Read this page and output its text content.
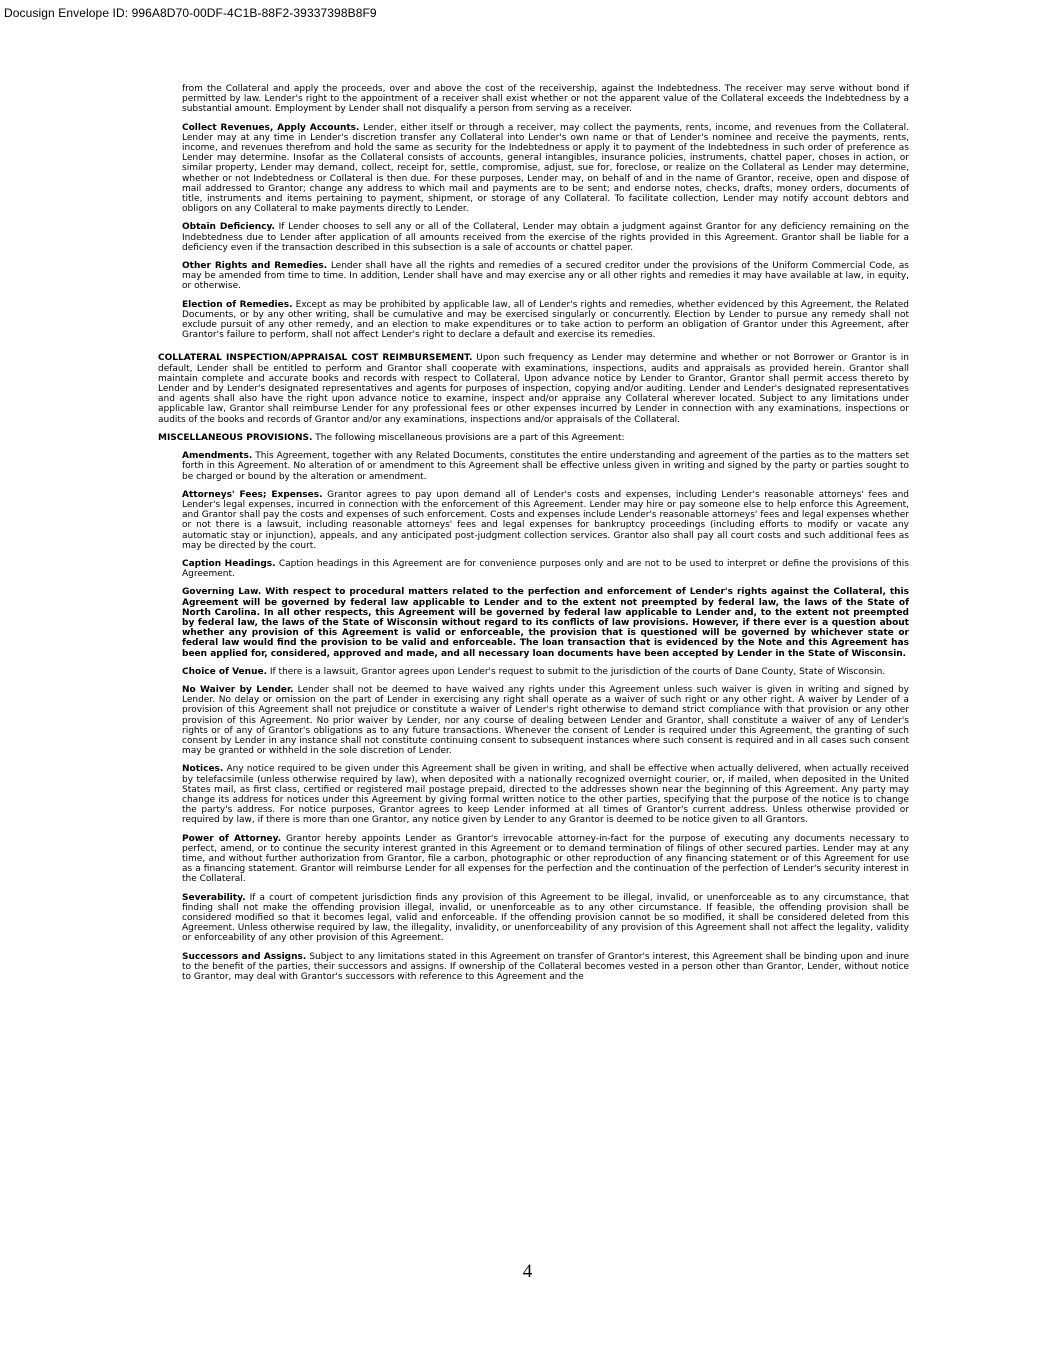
Docusign Envelope ID: 996A8D70-00DF-4C1B-88F2-39337398B8F9

from the Collateral and apply the proceeds, over and above the cost of the receivership, against the Indebtedness. The receiver may serve without bond if permitted by law. Lender's right to the appointment of a receiver shall exist whether or not the apparent value of the Collateral exceeds the Indebtedness by a substantial amount. Employment by Lender shall not disqualify a person from serving as a receiver.

Collect Revenues, Apply Accounts. Lender, either itself or through a receiver, may collect the payments, rents, income, and revenues from the Collateral. Lender may at any time in Lender's discretion transfer any Collateral into Lender's own name or that of Lender's nominee and receive the payments, rents, income, and revenues therefrom and hold the same as security for the Indebtedness or apply it to payment of the Indebtedness in such order of preference as Lender may determine. Insofar as the Collateral consists of accounts, general intangibles, insurance policies, instruments, chattel paper, choses in action, or similar property, Lender may demand, collect, receipt for, settle, compromise, adjust, sue for, foreclose, or realize on the Collateral as Lender may determine, whether or not Indebtedness or Collateral is then due. For these purposes, Lender may, on behalf of and in the name of Grantor, receive, open and dispose of mail addressed to Grantor; change any address to which mail and payments are to be sent; and endorse notes, checks, drafts, money orders, documents of title, instruments and items pertaining to payment, shipment, or storage of any Collateral. To facilitate collection, Lender may notify account debtors and obligors on any Collateral to make payments directly to Lender.

Obtain Deficiency. If Lender chooses to sell any or all of the Collateral, Lender may obtain a judgment against Grantor for any deficiency remaining on the Indebtedness due to Lender after application of all amounts received from the exercise of the rights provided in this Agreement. Grantor shall be liable for a deficiency even if the transaction described in this subsection is a sale of accounts or chattel paper.

Other Rights and Remedies. Lender shall have all the rights and remedies of a secured creditor under the provisions of the Uniform Commercial Code, as may be amended from time to time. In addition, Lender shall have and may exercise any or all other rights and remedies it may have available at law, in equity, or otherwise.

Election of Remedies. Except as may be prohibited by applicable law, all of Lender's rights and remedies, whether evidenced by this Agreement, the Related Documents, or by any other writing, shall be cumulative and may be exercised singularly or concurrently. Election by Lender to pursue any remedy shall not exclude pursuit of any other remedy, and an election to make expenditures or to take action to perform an obligation of Grantor under this Agreement, after Grantor's failure to perform, shall not affect Lender's right to declare a default and exercise its remedies.

COLLATERAL INSPECTION/APPRAISAL COST REIMBURSEMENT. Upon such frequency as Lender may determine and whether or not Borrower or Grantor is in default, Lender shall be entitled to perform and Grantor shall cooperate with examinations, inspections, audits and appraisals as provided herein. Grantor shall maintain complete and accurate books and records with respect to Collateral. Upon advance notice by Lender to Grantor, Grantor shall permit access thereto by Lender and by Lender's designated representatives and agents for purposes of inspection, copying and/or auditing. Lender and Lender's designated representatives and agents shall also have the right upon advance notice to examine, inspect and/or appraise any Collateral wherever located. Subject to any limitations under applicable law, Grantor shall reimburse Lender for any professional fees or other expenses incurred by Lender in connection with any examinations, inspections or audits of the books and records of Grantor and/or any examinations, inspections and/or appraisals of the Collateral.

MISCELLANEOUS PROVISIONS. The following miscellaneous provisions are a part of this Agreement:

Amendments. This Agreement, together with any Related Documents, constitutes the entire understanding and agreement of the parties as to the matters set forth in this Agreement. No alteration of or amendment to this Agreement shall be effective unless given in writing and signed by the party or parties sought to be charged or bound by the alteration or amendment.

Attorneys' Fees; Expenses. Grantor agrees to pay upon demand all of Lender's costs and expenses, including Lender's reasonable attorneys' fees and Lender's legal expenses, incurred in connection with the enforcement of this Agreement. Lender may hire or pay someone else to help enforce this Agreement, and Grantor shall pay the costs and expenses of such enforcement. Costs and expenses include Lender's reasonable attorneys' fees and legal expenses whether or not there is a lawsuit, including reasonable attorneys' fees and legal expenses for bankruptcy proceedings (including efforts to modify or vacate any automatic stay or injunction), appeals, and any anticipated post-judgment collection services. Grantor also shall pay all court costs and such additional fees as may be directed by the court.

Caption Headings. Caption headings in this Agreement are for convenience purposes only and are not to be used to interpret or define the provisions of this Agreement.

Governing Law. With respect to procedural matters related to the perfection and enforcement of Lender's rights against the Collateral, this Agreement will be governed by federal law applicable to Lender and to the extent not preempted by federal law, the laws of the State of North Carolina. In all other respects, this Agreement will be governed by federal law applicable to Lender and, to the extent not preempted by federal law, the laws of the State of Wisconsin without regard to its conflicts of law provisions. However, if there ever is a question about whether any provision of this Agreement is valid or enforceable, the provision that is questioned will be governed by whichever state or federal law would find the provision to be valid and enforceable. The loan transaction that is evidenced by the Note and this Agreement has been applied for, considered, approved and made, and all necessary loan documents have been accepted by Lender in the State of Wisconsin.

Choice of Venue. If there is a lawsuit, Grantor agrees upon Lender's request to submit to the jurisdiction of the courts of Dane County, State of Wisconsin.

No Waiver by Lender. Lender shall not be deemed to have waived any rights under this Agreement unless such waiver is given in writing and signed by Lender. No delay or omission on the part of Lender in exercising any right shall operate as a waiver of such right or any other right. A waiver by Lender of a provision of this Agreement shall not prejudice or constitute a waiver of Lender's right otherwise to demand strict compliance with that provision or any other provision of this Agreement. No prior waiver by Lender, nor any course of dealing between Lender and Grantor, shall constitute a waiver of any of Lender's rights or of any of Grantor's obligations as to any future transactions. Whenever the consent of Lender is required under this Agreement, the granting of such consent by Lender in any instance shall not constitute continuing consent to subsequent instances where such consent is required and in all cases such consent may be granted or withheld in the sole discretion of Lender.

Notices. Any notice required to be given under this Agreement shall be given in writing, and shall be effective when actually delivered, when actually received by telefacsimile (unless otherwise required by law), when deposited with a nationally recognized overnight courier, or, if mailed, when deposited in the United States mail, as first class, certified or registered mail postage prepaid, directed to the addresses shown near the beginning of this Agreement. Any party may change its address for notices under this Agreement by giving formal written notice to the other parties, specifying that the purpose of the notice is to change the party's address. For notice purposes, Grantor agrees to keep Lender informed at all times of Grantor's current address. Unless otherwise provided or required by law, if there is more than one Grantor, any notice given by Lender to any Grantor is deemed to be notice given to all Grantors.

Power of Attorney. Grantor hereby appoints Lender as Grantor's irrevocable attorney-in-fact for the purpose of executing any documents necessary to perfect, amend, or to continue the security interest granted in this Agreement or to demand termination of filings of other secured parties. Lender may at any time, and without further authorization from Grantor, file a carbon, photographic or other reproduction of any financing statement or of this Agreement for use as a financing statement. Grantor will reimburse Lender for all expenses for the perfection and the continuation of the perfection of Lender's security interest in the Collateral.

Severability. If a court of competent jurisdiction finds any provision of this Agreement to be illegal, invalid, or unenforceable as to any circumstance, that finding shall not make the offending provision illegal, invalid, or unenforceable as to any other circumstance. If feasible, the offending provision shall be considered modified so that it becomes legal, valid and enforceable. If the offending provision cannot be so modified, it shall be considered deleted from this Agreement. Unless otherwise required by law, the illegality, invalidity, or unenforceability of any provision of this Agreement shall not affect the legality, validity or enforceability of any other provision of this Agreement.

Successors and Assigns. Subject to any limitations stated in this Agreement on transfer of Grantor's interest, this Agreement shall be binding upon and inure to the benefit of the parties, their successors and assigns. If ownership of the Collateral becomes vested in a person other than Grantor, Lender, without notice to Grantor, may deal with Grantor's successors with reference to this Agreement and the

4
